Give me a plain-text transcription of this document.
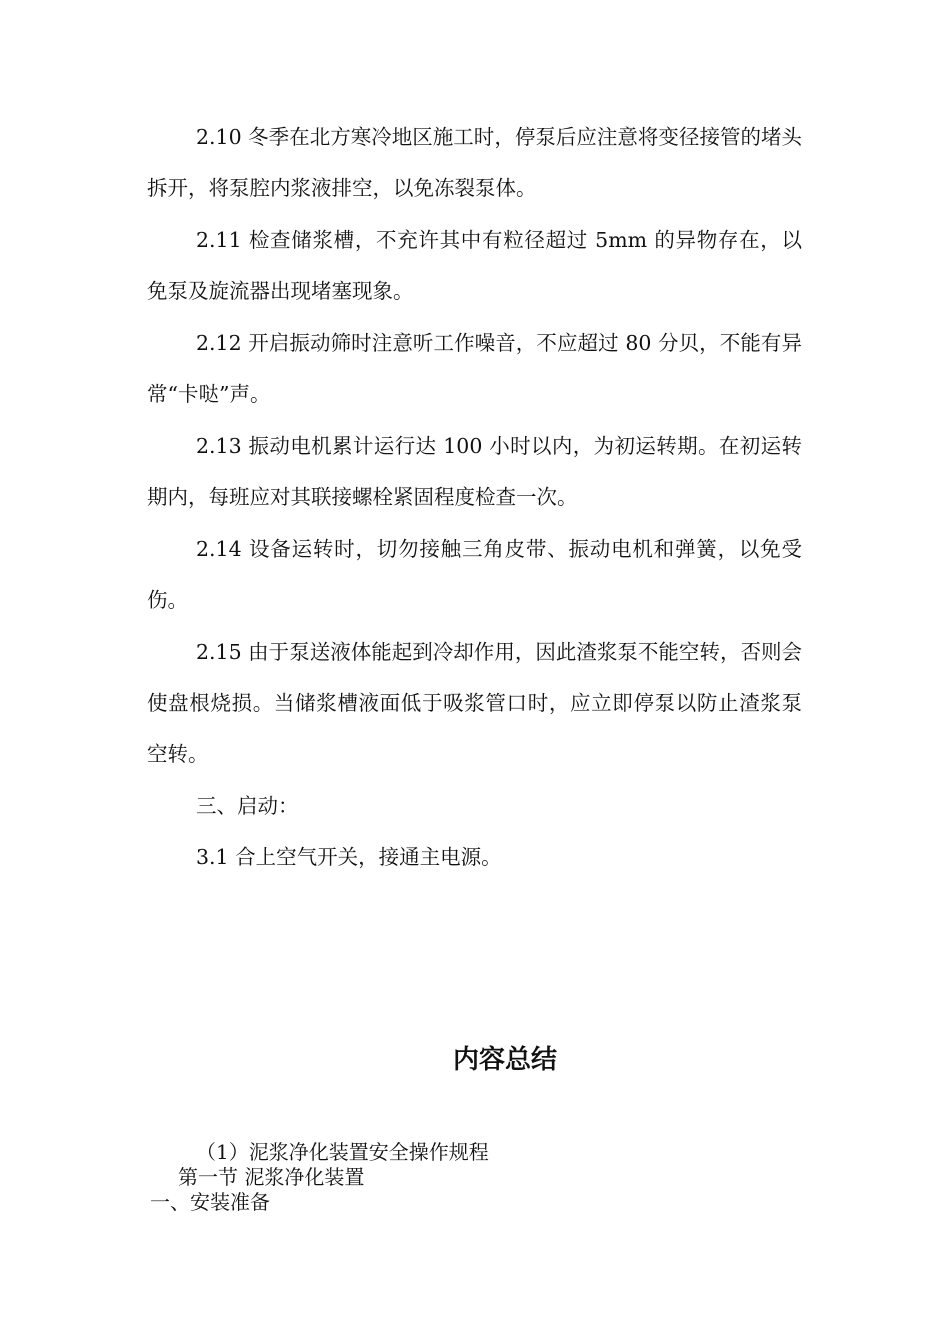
2.10 冬季在北方寒冷地区施工时，停泵后应注意将变径接管的堵头拆开，将泵腔内浆液排空，以免冻裂泵体。

2.11 检查储浆槽，不充许其中有粒径超过 5mm 的异物存在，以免泵及旋流器出现堵塞现象。

2.12 开启振动筛时注意听工作噪音，不应超过 80 分贝，不能有异常“卡哒”声。

2.13 振动电机累计运行达 100 小时以内，为初运转期。在初运转期内，每班应对其联接螺栓紧固程度检查一次。

2.14 设备运转时，切勿接触三角皮带、振动电机和弹簧，以免受伤。

2.15 由于泵送液体能起到冷却作用，因此渣浆泵不能空转，否则会使盘根烧损。当储浆槽液面低于吸浆管口时，应立即停泵以防止渣浆泵空转。

三、启动：

3.1 合上空气开关，接通主电源。

内容总结

（1）泥浆净化装置安全操作规程

第一节 泥浆净化装置

一、安装准备
